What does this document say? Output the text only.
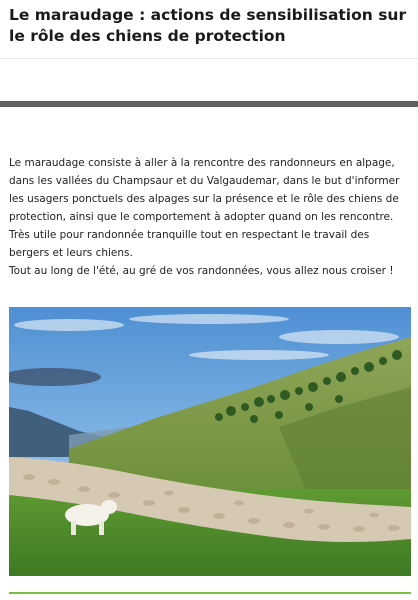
Le maraudage : actions de sensibilisation sur le rôle des chiens de protection

Le maraudage consiste à aller à la rencontre des randonneurs en alpage, dans les vallées du Champsaur et du Valgaudemar, dans le but d'informer les usagers ponctuels des alpages sur la présence et le rôle des chiens de protection, ainsi que le comportement à adopter quand on les rencontre. Très utile pour randonnée tranquille tout en respectant le travail des bergers et leurs chiens.

Tout au long de l'été, au gré de vos randonnées, vous allez nous croiser !
